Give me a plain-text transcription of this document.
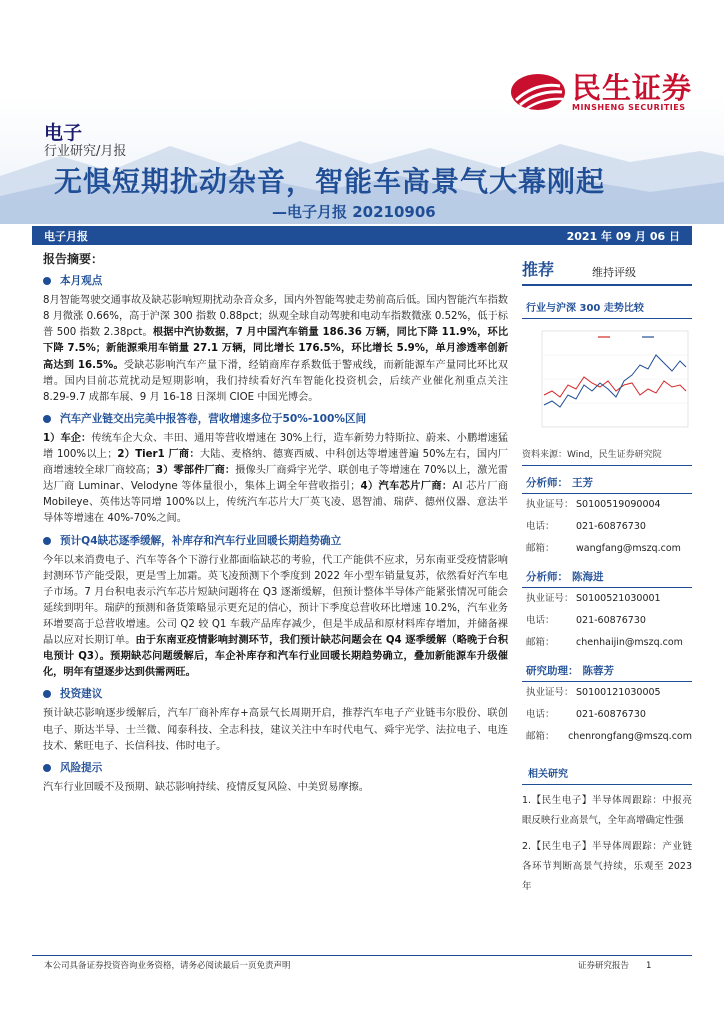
民生证券
MINSHENG SECURITIES
电子
行业研究/月报
无惧短期扰动杂音，智能车高景气大幕刚起
—电子月报 20210906
电子月报	2021 年 09 月 06 日
报告摘要：
本月观点
8月智能驾驶交通事故及缺芯影响短期扰动杂音众多，国内外智能驾驶走势前高后低。国内智能汽车指数 8 月微涨 0.66%，高于沪深 300 指数 0.88pct；纵观全球自动驾驶和电动车指数微涨 0.52%，低于标普 500 指数 2.38pct。根据中汽协数据，7 月中国汽车销量 186.36 万辆，同比下降 11.9%，环比下降 7.5%；新能源乘用车销量 27.1 万辆，同比增长 176.5%，环比增长 5.9%，单月渗透率创新高达到 16.5%。受缺芯影响汽车产量下滑，经销商库存系数低于警戒线，而新能源车产量同比环比双增。国内目前芯荒扰动是短期影响，我们持续看好汽车智能化投资机会，后续产业催化剂重点关注 8.29-9.7 成都车展、9 月 16-18 日深圳 CIOE 中国光博会。
汽车产业链交出完美中报答卷，营收增速多位于50%-100%区间
1）车企：传统车企大众、丰田、通用等营收增速在 30%上行，造车新势力特斯拉、蔚来、小鹏增速猛增 100%以上；2）Tier1 厂商：大陆、麦格纳、德赛西威、中科创达等增速普遍 50%左右，国内厂商增速较全球厂商较高；3）零部件厂商：摄像头厂商舜宇光学、联创电子等增速在 70%以上，激光雷达厂商 Luminar、Velodyne 等体量很小，集体上调全年营收指引；4）汽车芯片厂商：AI 芯片厂商 Mobileye、英伟达等同增 100%以上，传统汽车芯片大厂英飞凌、恩智浦、瑞萨、德州仪器、意法半导体等增速在 40%-70%之间。
预计Q4缺芯逐季缓解，补库存和汽车行业回暖长期趋势确立
今年以来消费电子、汽车等各个下游行业都面临缺芯的考验，代工产能供不应求，另东南亚受疫情影响封测环节产能受限，更是雪上加霜。英飞凌预测下个季度到 2022 年小型车销量复苏，依然看好汽车电子市场。7 月台积电表示汽车芯片短缺问题将在 Q3 逐渐缓解，但预计整体半导体产能紧张情况可能会延续到明年。瑞萨的预测和备货策略显示更充足的信心，预计下季度总营收环比增速 10.2%，汽车业务环增要高于总营收增速。公司 Q2 较 Q1 车载产品库存减少，但是半成品和原材料库存增加，并储备裸晶以应对长期订单。由于东南亚疫情影响封测环节，我们预计缺芯问题会在 Q4 逐季缓解（略晚于台积电预计 Q3）。预期缺芯问题缓解后，车企补库存和汽车行业回暖长期趋势确立，叠加新能源车升级催化，明年有望逐步达到供需两旺。
投资建议
预计缺芯影响逐步缓解后，汽车厂商补库存+高景气长周期开启，推荐汽车电子产业链韦尔股份、联创电子、斯达半导、士兰微、闻泰科技、全志科技，建议关注中车时代电气、舜宇光学、法拉电子、电连技术、紫旺电子、长信科技、伟时电子。
风险提示
汽车行业回暖不及预期、缺芯影响持续、疫情反复风险、中美贸易摩擦。
推荐	维持评级
行业与沪深 300 走势比较
资料来源：Wind，民生证券研究院
分析师： 王芳
执业证号： S0100519090004
电话：	021-60876730
邮箱：	wangfang@mszq.com
分析师： 陈海进
执业证号： S0100521030001
电话：	021-60876730
邮箱：	chenhaijin@mszq.com
研究助理： 陈蓉芳
执业证号： S0100121030005
电话：	021-60876730
邮箱：	chenrongfang@mszq.com
相关研究
1.【民生电子】半导体周跟踪：中报亮眼反映行业高景气，全年高增确定性强
2.【民生电子】半导体周跟踪：产业链各环节判断高景气持续，乐观至 2023 年
本公司具备证券投资咨询业务资格，请务必阅读最后一页免责声明	证券研究报告　　1
